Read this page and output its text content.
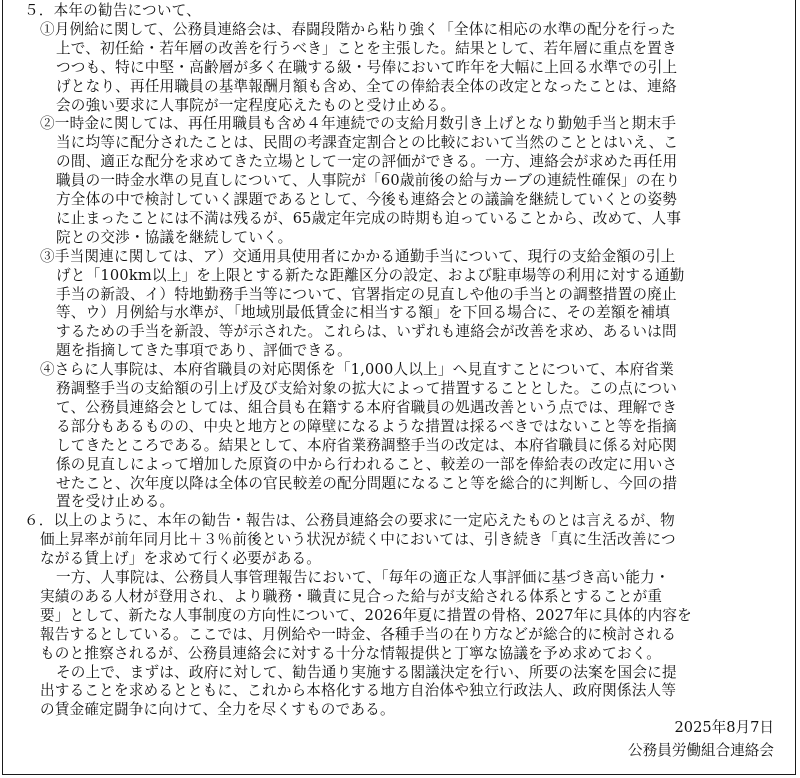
５．本年の勧告について、
①月例給に関して、公務員連絡会は、春闘段階から粘り強く「全体に相応の水準の配分を行った
上で、初任給・若年層の改善を行うべき」ことを主張した。結果として、若年層に重点を置き
つつも、特に中堅・高齢層が多く在職する級・号俸において昨年を大幅に上回る水準での引上
げとなり、再任用職員の基準報酬月額も含め、全ての俸給表全体の改定となったことは、連絡
会の強い要求に人事院が一定程度応えたものと受け止める。
②一時金に関しては、再任用職員も含め４年連続での支給月数引き上げとなり勤勉手当と期末手
当に均等に配分されたことは、民間の考課査定割合との比較において当然のこととはいえ、こ
の間、適正な配分を求めてきた立場として一定の評価ができる。一方、連絡会が求めた再任用
職員の一時金水準の見直しについて、人事院が「60歳前後の給与カーブの連続性確保」の在り
方全体の中で検討していく課題であるとして、今後も連絡会との議論を継続していくとの姿勢
に止まったことには不満は残るが、65歳定年完成の時期も迫っていることから、改めて、人事
院との交渉・協議を継続していく。
③手当関連に関しては、ア）交通用具使用者にかかる通勤手当について、現行の支給金額の引上
げと「100km以上」を上限とする新たな距離区分の設定、および駐車場等の利用に対する通勤
手当の新設、イ）特地勤務手当等について、官署指定の見直しや他の手当との調整措置の廃止
等、ウ）月例給与水準が、「地域別最低賃金に相当する額」を下回る場合に、その差額を補填
するための手当を新設、等が示された。これらは、いずれも連絡会が改善を求め、あるいは問
題を指摘してきた事項であり、評価できる。
④さらに人事院は、本府省職員の対応関係を「1,000人以上」へ見直すことについて、本府省業
務調整手当の支給額の引上げ及び支給対象の拡大によって措置することとした。この点につい
て、公務員連絡会としては、組合員も在籍する本府省職員の処遇改善という点では、理解でき
る部分もあるものの、中央と地方との障壁になるような措置は採るべきではないこと等を指摘
してきたところである。結果として、本府省業務調整手当の改定は、本府省職員に係る対応関
係の見直しによって増加した原資の中から行われること、較差の一部を俸給表の改定に用いさ
せたこと、次年度以降は全体の官民較差の配分問題になること等を総合的に判断し、今回の措
置を受け止める。
６．以上のように、本年の勧告・報告は、公務員連絡会の要求に一定応えたものとは言えるが、物
価上昇率が前年同月比＋３％前後という状況が続く中においては、引き続き「真に生活改善につ
ながる賃上げ」を求めて行く必要がある。
一方、人事院は、公務員人事管理報告において、「毎年の適正な人事評価に基づき高い能力・
実績のある人材が登用され、より職務・職責に見合った給与が支給される体系とすることが重
要」として、新たな人事制度の方向性について、2026年夏に措置の骨格、2027年に具体的内容を
報告するとしている。ここでは、月例給や一時金、各種手当の在り方などが総合的に検討される
ものと推察されるが、公務員連絡会に対する十分な情報提供と丁寧な協議を予め求めておく。
その上で、まずは、政府に対して、勧告通り実施する閣議決定を行い、所要の法案を国会に提
出することを求めるとともに、これから本格化する地方自治体や独立行政法人、政府関係法人等
の賃金確定闘争に向けて、全力を尽くすものである。
2025年8月7日
公務員労働組合連絡会
